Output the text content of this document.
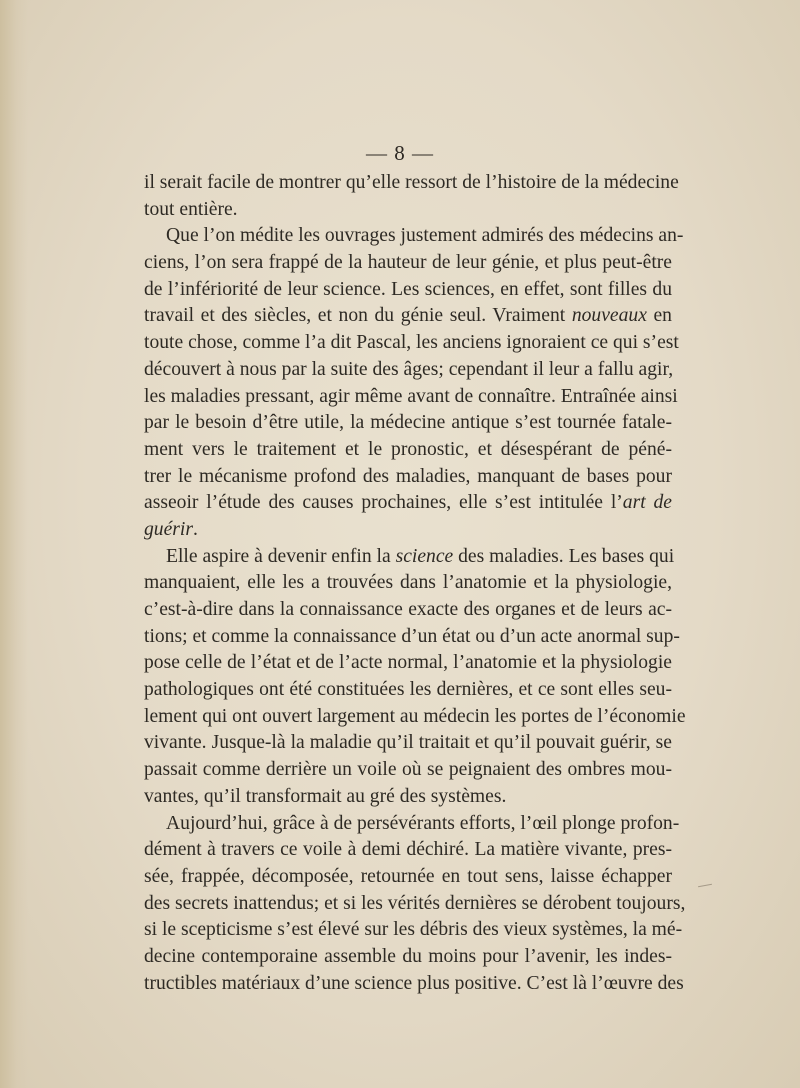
— 8 —
il serait facile de montrer qu’elle ressort de l’histoire de la médecine
tout entière.
Que l’on médite les ouvrages justement admirés des médecins an-
ciens, l’on sera frappé de la hauteur de leur génie, et plus peut-être
de l’infériorité de leur science. Les sciences, en effet, sont filles du
travail et des siècles, et non du génie seul. Vraiment nouveaux en
toute chose, comme l’a dit Pascal, les anciens ignoraient ce qui s’est
découvert à nous par la suite des âges; cependant il leur a fallu agir,
les maladies pressant, agir même avant de connaître. Entraînée ainsi
par le besoin d’être utile, la médecine antique s’est tournée fatale-
ment vers le traitement et le pronostic, et désespérant de péné-
trer le mécanisme profond des maladies, manquant de bases pour
asseoir l’étude des causes prochaines, elle s’est intitulée l’art de
guérir.
Elle aspire à devenir enfin la science des maladies. Les bases qui
manquaient, elle les a trouvées dans l’anatomie et la physiologie,
c’est-à-dire dans la connaissance exacte des organes et de leurs ac-
tions; et comme la connaissance d’un état ou d’un acte anormal sup-
pose celle de l’état et de l’acte normal, l’anatomie et la physiologie
pathologiques ont été constituées les dernières, et ce sont elles seu-
lement qui ont ouvert largement au médecin les portes de l’économie
vivante. Jusque-là la maladie qu’il traitait et qu’il pouvait guérir, se
passait comme derrière un voile où se peignaient des ombres mou-
vantes, qu’il transformait au gré des systèmes.
Aujourd’hui, grâce à de persévérants efforts, l’œil plonge profon-
dément à travers ce voile à demi déchiré. La matière vivante, pres-
sée, frappée, décomposée, retournée en tout sens, laisse échapper
des secrets inattendus; et si les vérités dernières se dérobent toujours,
si le scepticisme s’est élevé sur les débris des vieux systèmes, la mé-
decine contemporaine assemble du moins pour l’avenir, les indes-
tructibles matériaux d’une science plus positive. C’est là l’œuvre des
